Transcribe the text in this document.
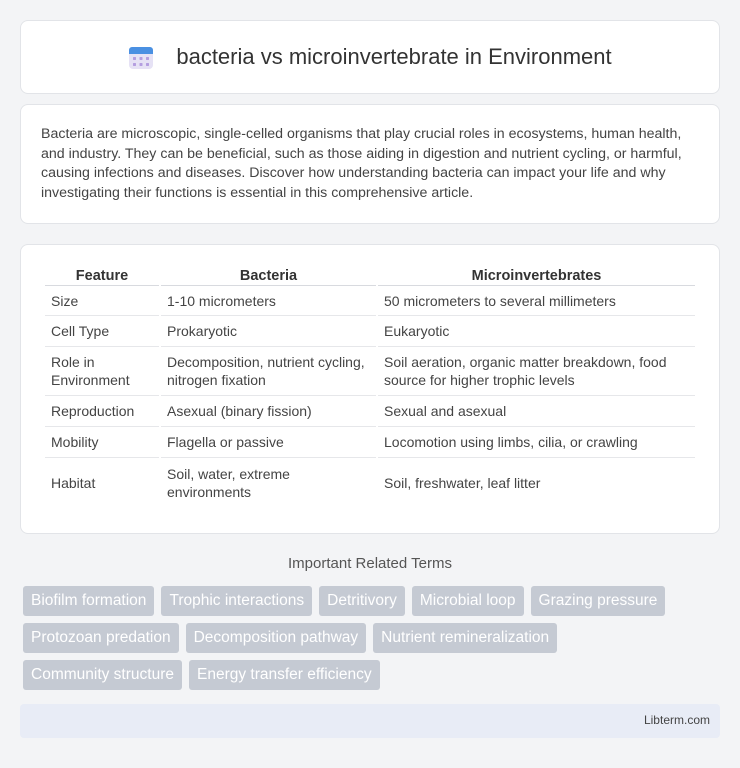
bacteria vs microinvertebrate in Environment

Bacteria are microscopic, single-celled organisms that play crucial roles in ecosystems, human health, and industry. They can be beneficial, such as those aiding in digestion and nutrient cycling, or harmful, causing infections and diseases. Discover how understanding bacteria can impact your life and why investigating their functions is essential in this comprehensive article.

Feature	Bacteria	Microinvertebrates
Size	1-10 micrometers	50 micrometers to several millimeters
Cell Type	Prokaryotic	Eukaryotic
Role in Environment	Decomposition, nutrient cycling, nitrogen fixation	Soil aeration, organic matter breakdown, food source for higher trophic levels
Reproduction	Asexual (binary fission)	Sexual and asexual
Mobility	Flagella or passive	Locomotion using limbs, cilia, or crawling
Habitat	Soil, water, extreme environments	Soil, freshwater, leaf litter
Important Related Terms
Biofilm formation	Trophic interactions	Detritivory	Microbial loop	Grazing pressure
Protozoan predation	Decomposition pathway	Nutrient remineralization
Community structure	Energy transfer efficiency
Libterm.com
